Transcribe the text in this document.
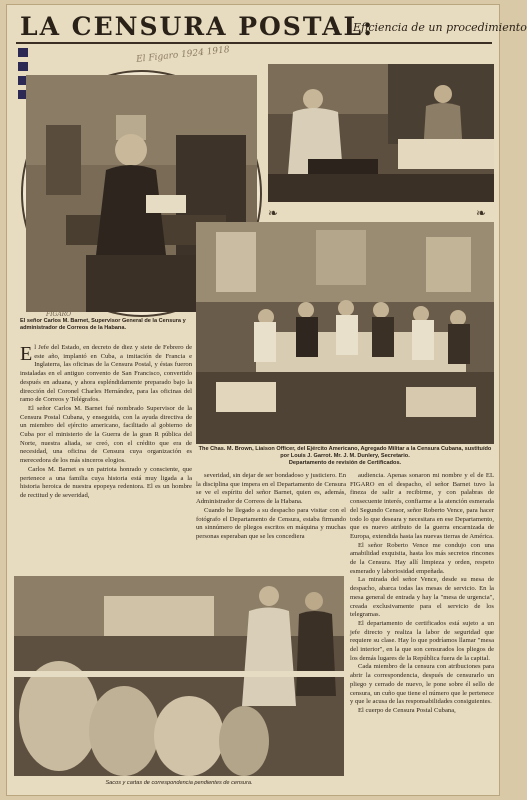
LA CENSURA POSTAL:
Eficiencia de un procedimiento
El Figaro 1924 1918
❧	❧
FIGARO
El señor Carlos M. Barnet, Supervisor General de la Censura y administrador de Correos de la Habana.
The Chas. M. Brown, Liaison Officer, del Ejército Americano, Agregado Militar a la Censura Cubana, sustituído por Louis J. Garrot. Mr. J. M. Dunlery, Secretario.
Departamento de revisión de Certificados.

El Jefe del Estado, en decreto de diez y siete de Febrero de este año, implantó en Cuba, a imitación de Francia e Inglaterra, las oficinas de la Censura Postal, y éstas fueron instaladas en el antiguo convento de San Francisco, convertido después en aduana, y ahora espléndidamente preparado bajo la dirección del Coronel Charles Hernández, para las oficinas del ramo de Correos y Telégrafos.

El señor Carlos M. Barnet fué nombrado Supervisor de la Censura Postal Cubana, y enseguida, con la ayuda directiva de un miembro del ejército americano, facilitado al gobierno de Cuba por el ministerio de la Guerra de la gran R pública del Norte, nuestra aliada, se creó, con el crédito que era de necesidad, una oficina de Censura cuya organización es merecedora de los más sinceros elogios.

Carlos M. Barnet es un patriota honrado y consciente, que pertenece a una familia cuya historia está muy ligada a la historia heroica de nuestra epopeya redentora. El es un hombre de rectitud y de severidad,

severidad, sin dejar de ser bondadoso y justiciero. En la disciplina que impera en el Departamento de Censura se ve el espíritu del señor Barnet, quien es, además, Administrador de Correos de la Habana.

Cuando he llegado a su despacho para visitar con el fotógrafo el Departamento de Censura, estaba firmando un sinnúmero de pliegos escritos en máquina y muchas personas esperaban que se les concediera

audiencia. Apenas sonaron mi nombre y el de EL FIGARO en el despacho, el señor Barnet tuvo la fineza de salir a recibirme, y con palabras de consecuente interés, confiarme a la atención esmerada del Segundo Censor, señor Roberto Vence, para hacer todo lo que deseara y necesitara en ese Departamento, que es nuevo atributo de la guerra encarnizada de Europa, extendida hasta las nuevas tierras de América.

El señor Roberto Vence me condujo con una amabilidad exquisita, hasta los más secretos rincones de la Censura. Hay allí limpieza y orden, respeto esmerado y laboriosidad empeñada.

La mirada del señor Vence, desde su mesa de despacho, abarca todas las mesas de servicio. En la mesa general de entrada y hay la "mesa de urgencia", creada exclusivamente para el servicio de los telegramas.

El departamento de certificados está sujeto a un jefe directo y realiza la labor de seguridad que requiere su clase. Hay lo que podríamos llamar "mesa del interior", en la que son censurados los pliegos de los demás lugares de la República fuera de la capital.

Cada miembro de la censura con atribuciones para abrir la correspondencia, después de censurarlo un pliego y cerrado de nuevo, le pone sobre él sello de censura, un cuño que tiene el número que le pertenece y que le acusa de las responsabilidades consiguientes.

El cuerpo de Censura Postal Cubana,

Sacos y cartas de correspondencia pendientes de censura.
